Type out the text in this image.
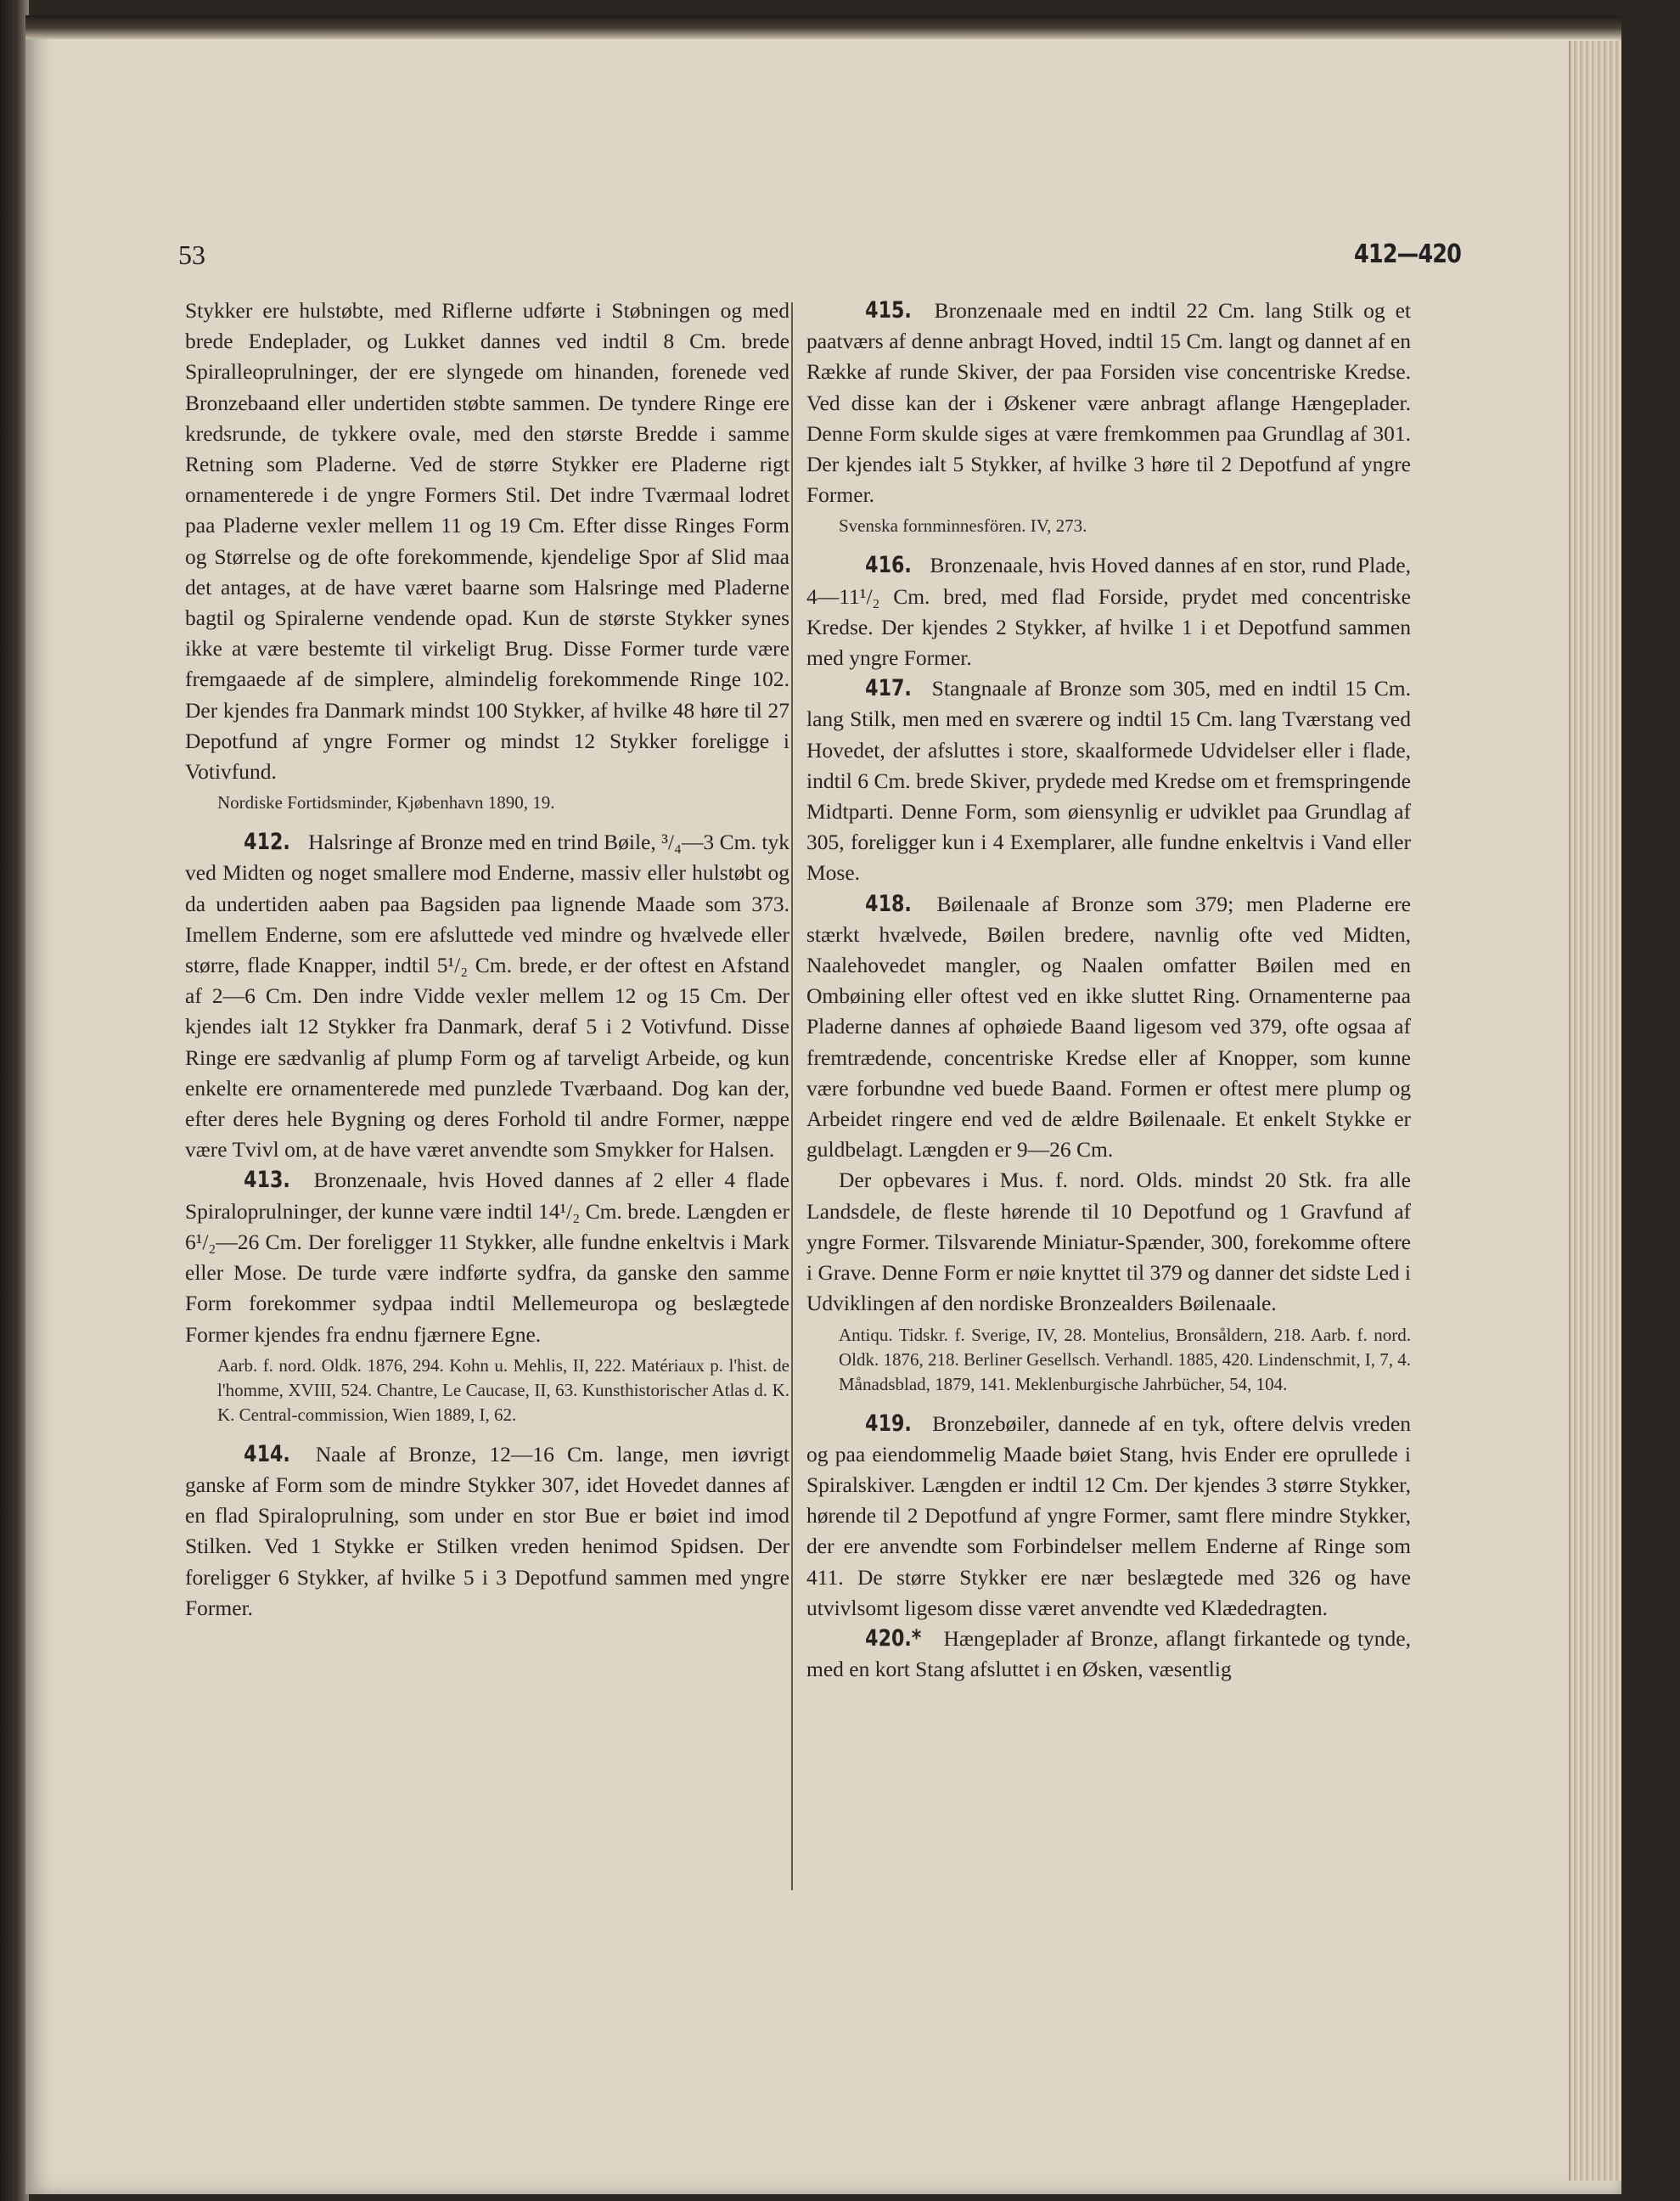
53	412—420

Stykker ere hulstøbte, med Riflerne udførte i Støbningen og med brede Endeplader, og Lukket dannes ved indtil 8 Cm. brede Spiralleoprulninger, der ere slyngede om hinanden, forenede ved Bronzebaand eller undertiden støbte sammen. De tyndere Ringe ere kredsrunde, de tykkere ovale, med den største Bredde i samme Retning som Pladerne. Ved de større Stykker ere Pladerne rigt ornamenterede i de yngre Formers Stil. Det indre Tværmaal lodret paa Pladerne vexler mellem 11 og 19 Cm. Efter disse Ringes Form og Størrelse og de ofte forekommende, kjendelige Spor af Slid maa det antages, at de have været baarne som Halsringe med Pladerne bagtil og Spiralerne vendende opad. Kun de største Stykker synes ikke at være bestemte til virkeligt Brug. Disse Former turde være fremgaaede af de simplere, almindelig forekommende Ringe 102. Der kjendes fra Danmark mindst 100 Stykker, af hvilke 48 høre til 27 Depotfund af yngre Former og mindst 12 Stykker foreligge i Votivfund.

Nordiske Fortidsminder, Kjøbenhavn 1890, 19.

412. Halsringe af Bronze med en trind Bøile, ³/₄—3 Cm. tyk ved Midten og noget smallere mod Enderne, massiv eller hulstøbt og da undertiden aaben paa Bagsiden paa lignende Maade som 373. Imellem Enderne, som ere afsluttede ved mindre og hvælvede eller større, flade Knapper, indtil 5¹/₂ Cm. brede, er der oftest en Afstand af 2—6 Cm. Den indre Vidde vexler mellem 12 og 15 Cm. Der kjendes ialt 12 Stykker fra Danmark, deraf 5 i 2 Votivfund. Disse Ringe ere sædvanlig af plump Form og af tarveligt Arbeide, og kun enkelte ere ornamenterede med punzlede Tværbaand. Dog kan der, efter deres hele Bygning og deres Forhold til andre Former, næppe være Tvivl om, at de have været anvendte som Smykker for Halsen.

413. Bronzenaale, hvis Hoved dannes af 2 eller 4 flade Spiraloprulninger, der kunne være indtil 14¹/₂ Cm. brede. Længden er 6¹/₂—26 Cm. Der foreligger 11 Stykker, alle fundne enkeltvis i Mark eller Mose. De turde være indførte sydfra, da ganske den samme Form forekommer sydpaa indtil Mellemeuropa og beslægtede Former kjendes fra endnu fjærnere Egne.

Aarb. f. nord. Oldk. 1876, 294. Kohn u. Mehlis, II, 222. Matériaux p. l'hist. de l'homme, XVIII, 524. Chantre, Le Caucase, II, 63. Kunsthistorischer Atlas d. K. K. Central-commission, Wien 1889, I, 62.

414. Naale af Bronze, 12—16 Cm. lange, men iøvrigt ganske af Form som de mindre Stykker 307, idet Hovedet dannes af en flad Spiraloprulning, som under en stor Bue er bøiet ind imod Stilken. Ved 1 Stykke er Stilken vreden henimod Spidsen. Der foreligger 6 Stykker, af hvilke 5 i 3 Depotfund sammen med yngre Former.

415. Bronzenaale med en indtil 22 Cm. lang Stilk og et paatværs af denne anbragt Hoved, indtil 15 Cm. langt og dannet af en Række af runde Skiver, der paa Forsiden vise concentriske Kredse. Ved disse kan der i Øskener være anbragt aflange Hængeplader. Denne Form skulde siges at være fremkommen paa Grundlag af 301. Der kjendes ialt 5 Stykker, af hvilke 3 høre til 2 Depotfund af yngre Former.

Svenska fornminnesfören. IV, 273.

416. Bronzenaale, hvis Hoved dannes af en stor, rund Plade, 4—11¹/₂ Cm. bred, med flad Forside, prydet med concentriske Kredse. Der kjendes 2 Stykker, af hvilke 1 i et Depotfund sammen med yngre Former.

417. Stangnaale af Bronze som 305, med en indtil 15 Cm. lang Stilk, men med en sværere og indtil 15 Cm. lang Tværstang ved Hovedet, der afsluttes i store, skaalformede Udvidelser eller i flade, indtil 6 Cm. brede Skiver, prydede med Kredse om et fremspringende Midtparti. Denne Form, som øiensynlig er udviklet paa Grundlag af 305, foreligger kun i 4 Exemplarer, alle fundne enkeltvis i Vand eller Mose.

418. Bøilenaale af Bronze som 379; men Pladerne ere stærkt hvælvede, Bøilen bredere, navnlig ofte ved Midten, Naalehovedet mangler, og Naalen omfatter Bøilen med en Ombøining eller oftest ved en ikke sluttet Ring. Ornamenterne paa Pladerne dannes af ophøiede Baand ligesom ved 379, ofte ogsaa af fremtrædende, concentriske Kredse eller af Knopper, som kunne være forbundne ved buede Baand. Formen er oftest mere plump og Arbeidet ringere end ved de ældre Bøilenaale. Et enkelt Stykke er guldbelagt. Længden er 9—26 Cm.

Der opbevares i Mus. f. nord. Olds. mindst 20 Stk. fra alle Landsdele, de fleste hørende til 10 Depotfund og 1 Gravfund af yngre Former. Tilsvarende Miniatur-Spænder, 300, forekomme oftere i Grave. Denne Form er nøie knyttet til 379 og danner det sidste Led i Udviklingen af den nordiske Bronzealders Bøilenaale.

Antiqu. Tidskr. f. Sverige, IV, 28. Montelius, Bronsåldern, 218. Aarb. f. nord. Oldk. 1876, 218. Berliner Gesellsch. Verhandl. 1885, 420. Lindenschmit, I, 7, 4. Månadsblad, 1879, 141. Meklenburgische Jahrbücher, 54, 104.

419. Bronzebøiler, dannede af en tyk, oftere delvis vreden og paa eiendommelig Maade bøiet Stang, hvis Ender ere oprullede i Spiralskiver. Længden er indtil 12 Cm. Der kjendes 3 større Stykker, hørende til 2 Depotfund af yngre Former, samt flere mindre Stykker, der ere anvendte som Forbindelser mellem Enderne af Ringe som 411. De større Stykker ere nær beslægtede med 326 og have utvivlsomt ligesom disse været anvendte ved Klædedragten.

420.* Hængeplader af Bronze, aflangt firkantede og tynde, med en kort Stang afsluttet i en Øsken, væsentlig
